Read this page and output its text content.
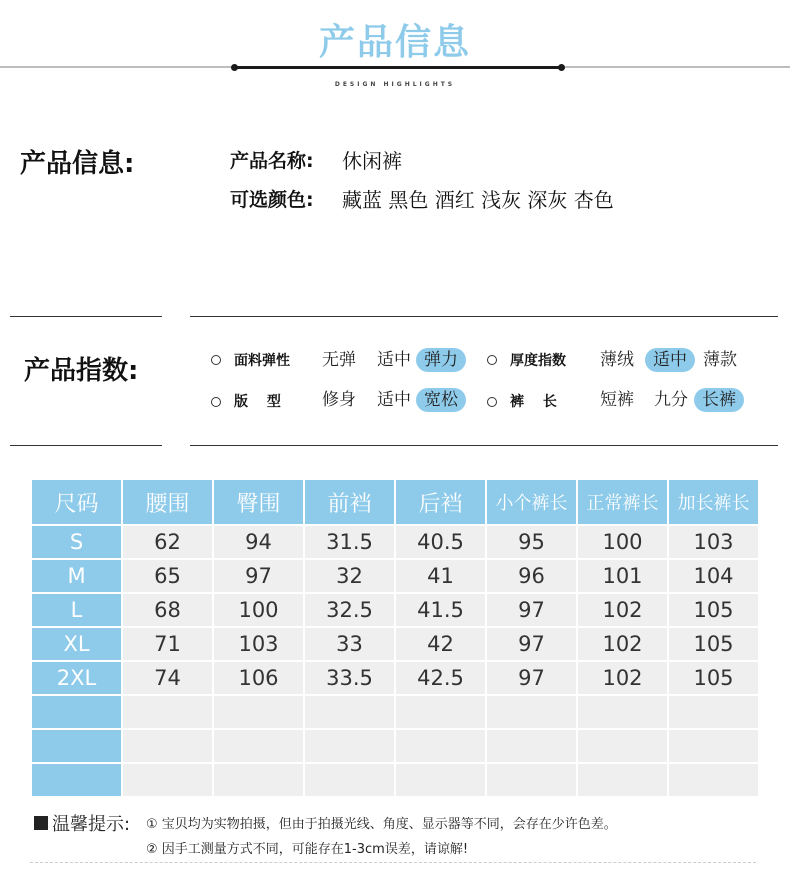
产品信息
DESIGN HIGHLIGHTS
产品信息:	产品名称: 休闲裤
可选颜色: 藏蓝 黑色 酒红 浅灰 深灰 杏色
产品指数:	面料弹性 无弹 适中 弹力	厚度指数 薄绒	适中 薄款
版　 型 修身 适中 宽松	裤　 长	短裤 九分 长裤
尺码	腰围	臀围	前裆	后裆	小个裤长	正常裤长	加长裤长
S	62	94	31.5	40.5	95	100	103
M	65	97	32	41	96	101	104
L	68	100	32.5	41.5	97	102	105
XL	71	103	33	42	97	102	105
2XL	74	106	33.5	42.5	97	102	105

温馨提示: ① 宝贝均为实物拍摄，但由于拍摄光线、角度、显示器等不同，会存在少许色差。
② 因手工测量方式不同，可能存在1-3cm误差，请谅解!
